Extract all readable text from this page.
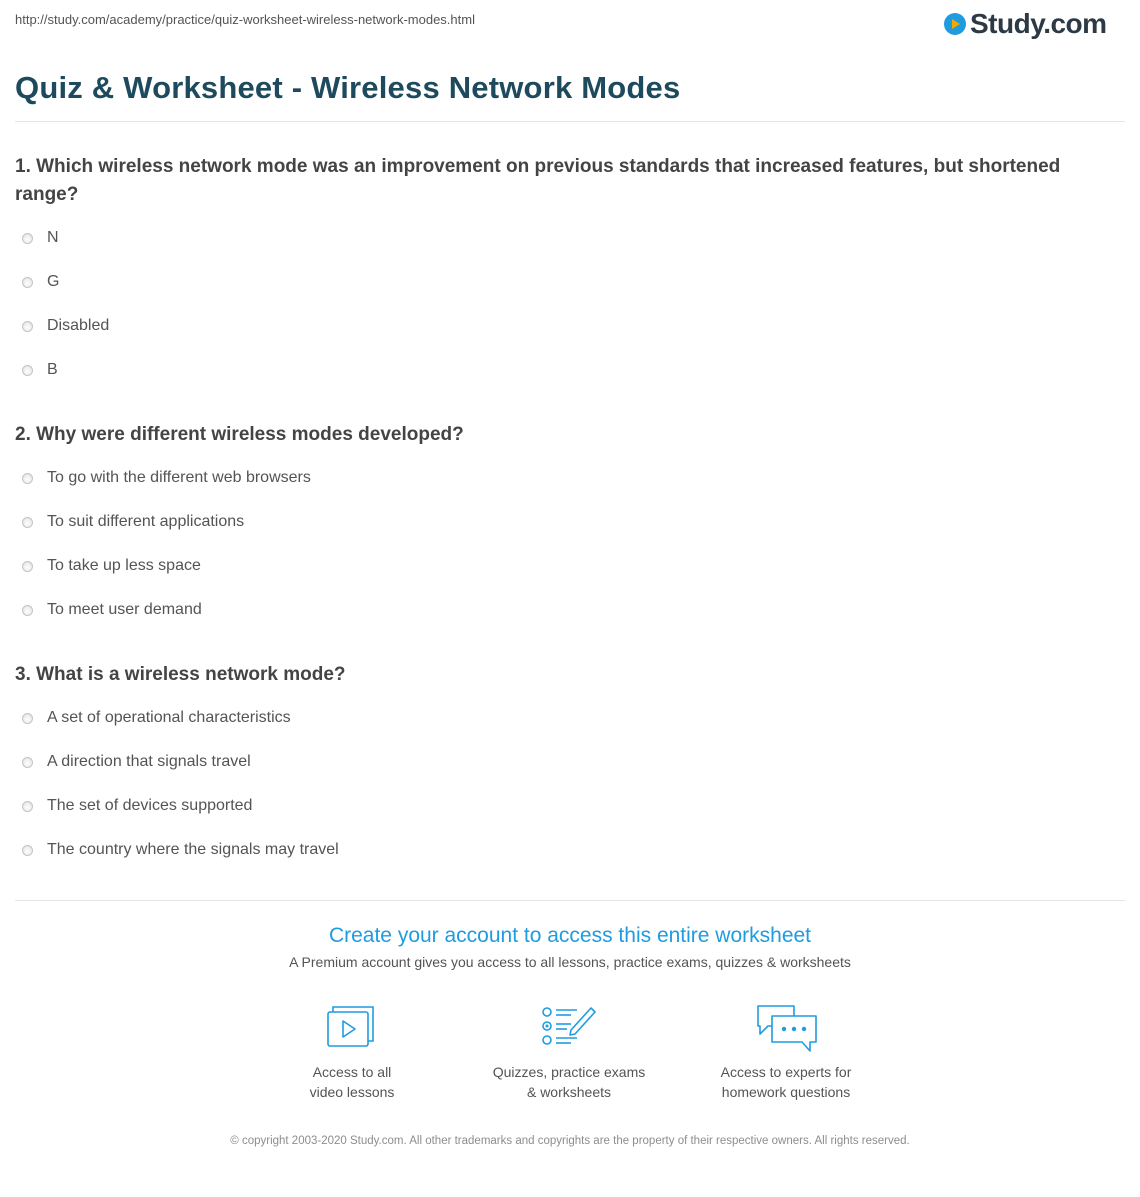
http://study.com/academy/practice/quiz-worksheet-wireless-network-modes.html	Study.com
Quiz & Worksheet - Wireless Network Modes
1. Which wireless network mode was an improvement on previous standards that increased features, but shortened range?
N
G
Disabled
B
2. Why were different wireless modes developed?
To go with the different web browsers
To suit different applications
To take up less space
To meet user demand
3. What is a wireless network mode?
A set of operational characteristics
A direction that signals travel
The set of devices supported
The country where the signals may travel
Create your account to access this entire worksheet
A Premium account gives you access to all lessons, practice exams, quizzes & worksheets
Access to all
video lessons
Quizzes, practice exams
& worksheets
Access to experts for
homework questions
© copyright 2003-2020 Study.com. All other trademarks and copyrights are the property of their respective owners. All rights reserved.
